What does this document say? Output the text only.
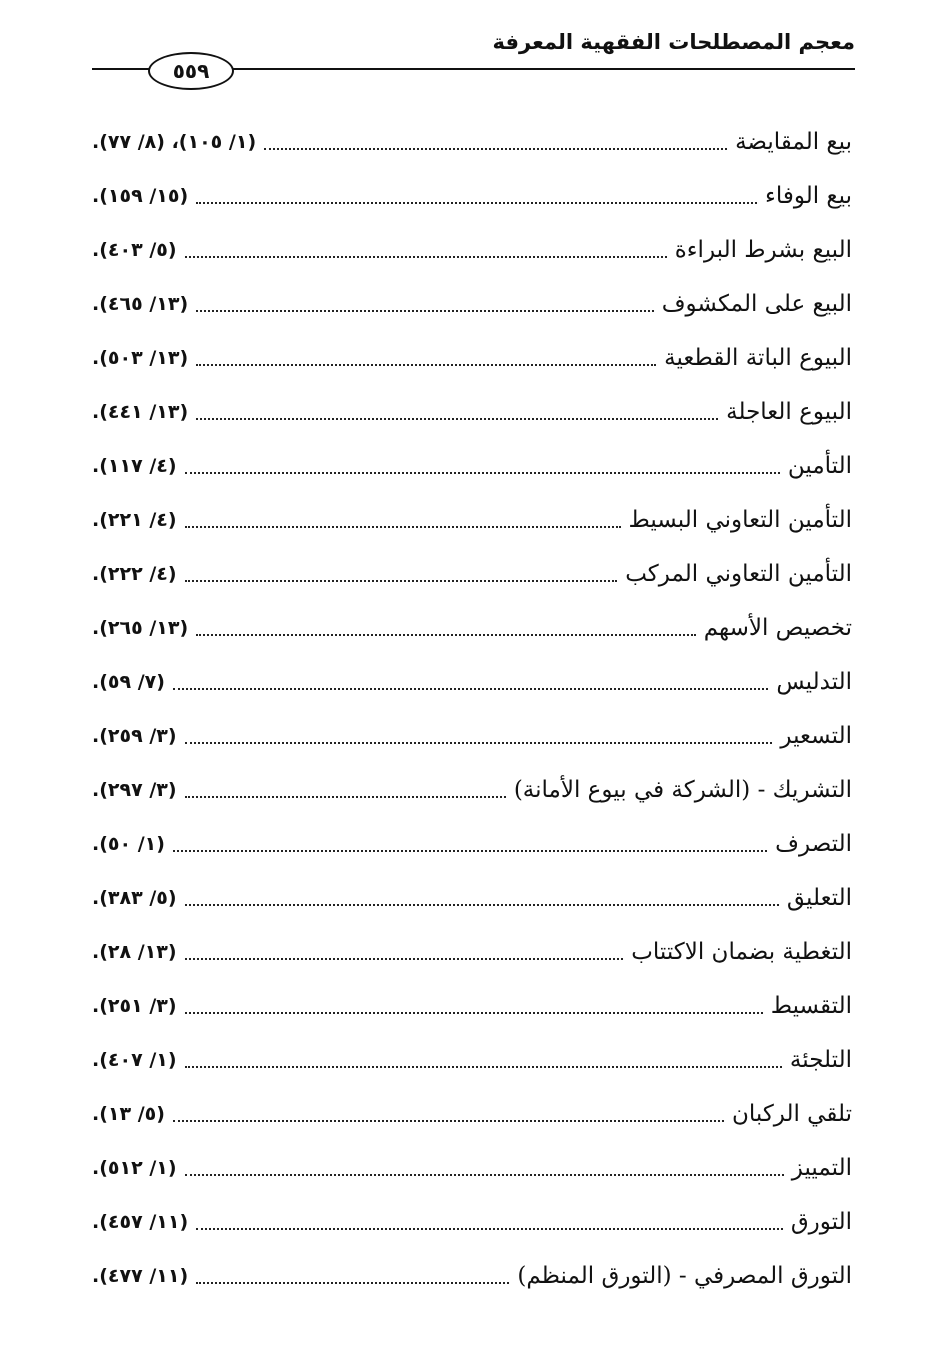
معجم المصطلحات الفقهية المعرفة
٥٥٩
بيع المقايضة
(١/ ١٠٥)، (٨/ ٧٧).
بيع الوفاء
(١٥/ ١٥٩).
البيع بشرط البراءة
(٥/ ٤٠٣).
البيع على المكشوف
(١٣/ ٤٦٥).
البيوع الباتة القطعية
(١٣/ ٥٠٣).
البيوع العاجلة
(١٣/ ٤٤١).
التأمين
(٤/ ١١٧).
التأمين التعاوني البسيط
(٤/ ٢٢١).
التأمين التعاوني المركب
(٤/ ٢٢٢).
تخصيص الأسهم
(١٣/ ٢٦٥).
التدليس
(٧/ ٥٩).
التسعير
(٣/ ٢٥٩).
التشريك - (الشركة في بيوع الأمانة)
(٣/ ٢٩٧).
التصرف
(١/ ٥٠).
التعليق
(٥/ ٣٨٣).
التغطية بضمان الاكتتاب
(١٣/ ٢٨).
التقسيط
(٣/ ٢٥١).
التلجئة
(١/ ٤٠٧).
تلقي الركبان
(٥/ ١٣).
التمييز
(١/ ٥١٢).
التورق
(١١/ ٤٥٧).
التورق المصرفي - (التورق المنظم)
(١١/ ٤٧٧).
